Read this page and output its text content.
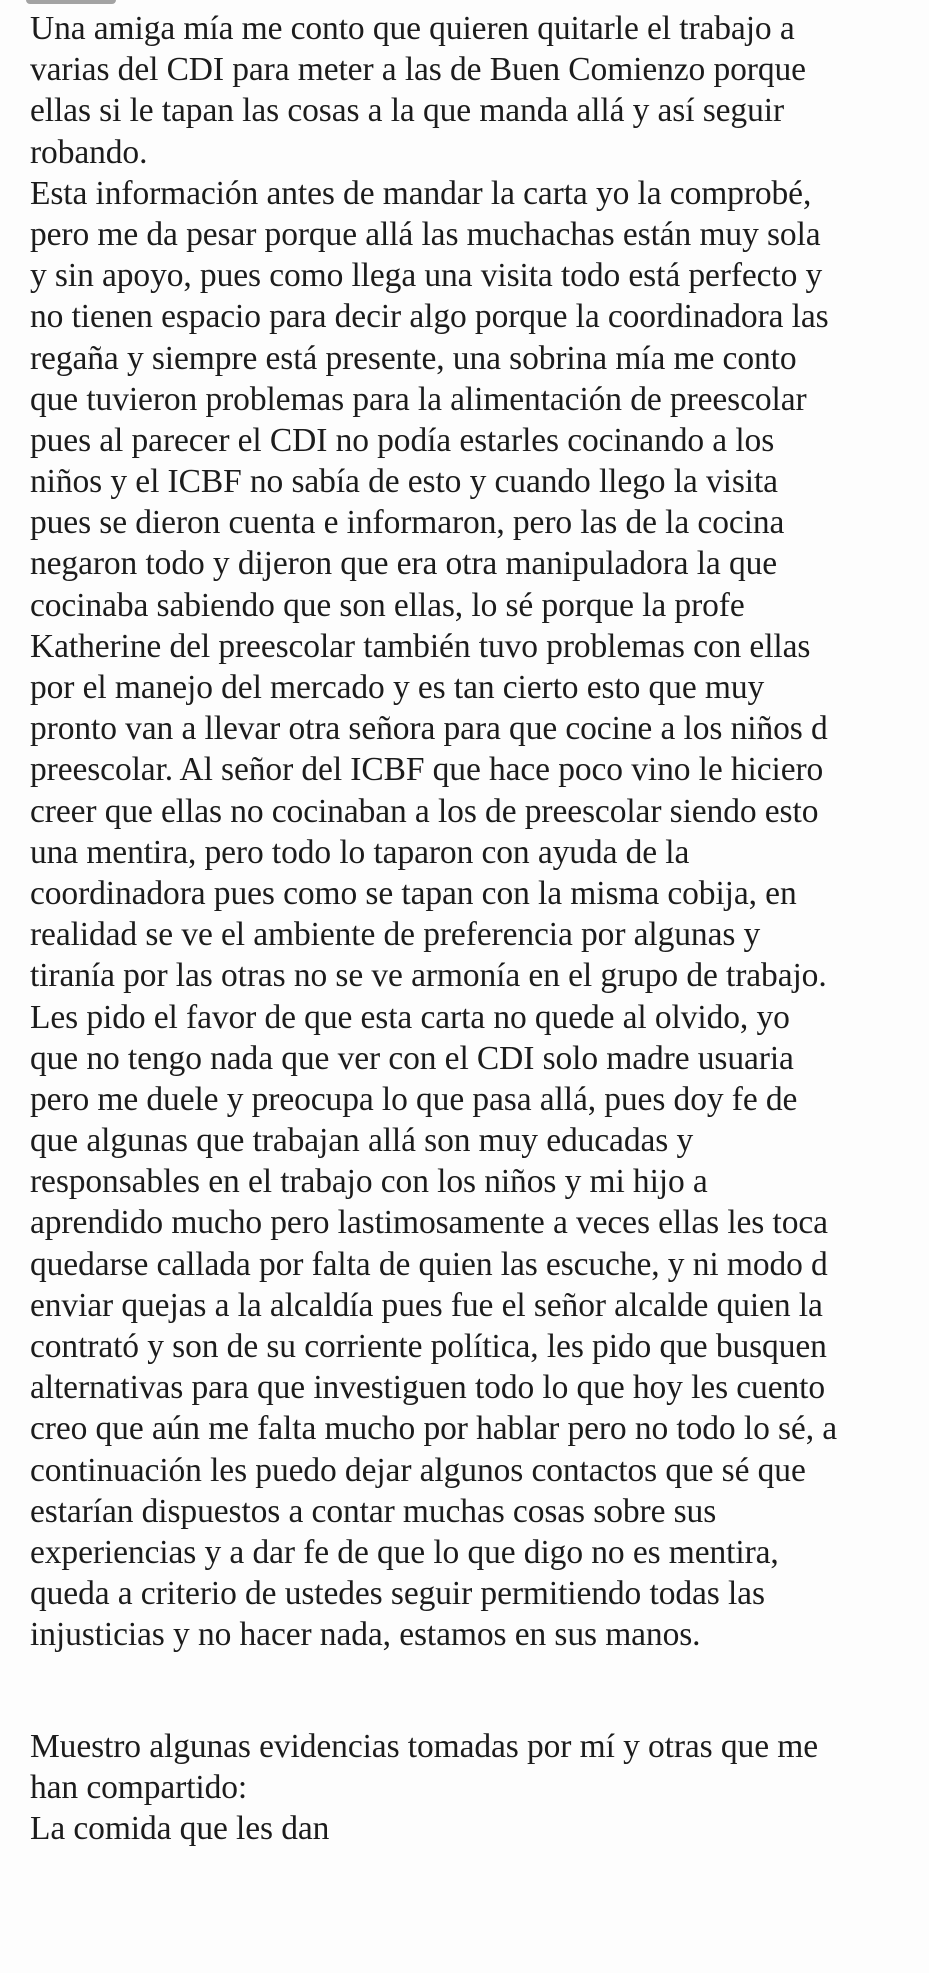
Una amiga mía me conto que quieren quitarle el trabajo a
varias del CDI para meter a las de Buen Comienzo porque
ellas si le tapan las cosas a la que manda allá y así seguir
robando.
Esta información antes de mandar la carta yo la comprobé,
pero me da pesar porque allá las muchachas están muy sola
y sin apoyo, pues como llega una visita todo está perfecto y
no tienen espacio para decir algo porque la coordinadora las
regaña y siempre está presente, una sobrina mía me conto
que tuvieron problemas para la alimentación de preescolar
pues al parecer el CDI no podía estarles cocinando a los
niños y el ICBF no sabía de esto y cuando llego la visita
pues se dieron cuenta e informaron, pero las de la cocina
negaron todo y dijeron que era otra manipuladora la que
cocinaba sabiendo que son ellas, lo sé porque la profe
Katherine del preescolar también tuvo problemas con ellas
por el manejo del mercado y es tan cierto esto que muy
pronto van a llevar otra señora para que cocine a los niños d
preescolar. Al señor del ICBF que hace poco vino le hiciero
creer que ellas no cocinaban a los de preescolar siendo esto
una mentira, pero todo lo taparon con ayuda de la
coordinadora pues como se tapan con la misma cobija, en
realidad se ve el ambiente de preferencia por algunas y
tiranía por las otras no se ve armonía en el grupo de trabajo.
Les pido el favor de que esta carta no quede al olvido, yo
que no tengo nada que ver con el CDI solo madre usuaria
pero me duele y preocupa lo que pasa allá, pues doy fe de
que algunas que trabajan allá son muy educadas y
responsables en el trabajo con los niños y mi hijo a
aprendido mucho pero lastimosamente a veces ellas les toca
quedarse callada por falta de quien las escuche, y ni modo d
enviar quejas a la alcaldía pues fue el señor alcalde quien la
contrató y son de su corriente política, les pido que busquen
alternativas para que investiguen todo lo que hoy les cuento
creo que aún me falta mucho por hablar pero no todo lo sé, a
continuación les puedo dejar algunos contactos que sé que
estarían dispuestos a contar muchas cosas sobre sus
experiencias y a dar fe de que lo que digo no es mentira,
queda a criterio de ustedes seguir permitiendo todas las
injusticias y no hacer nada, estamos en sus manos.
Muestro algunas evidencias tomadas por mí y otras que me
han compartido:
La comida que les dan
